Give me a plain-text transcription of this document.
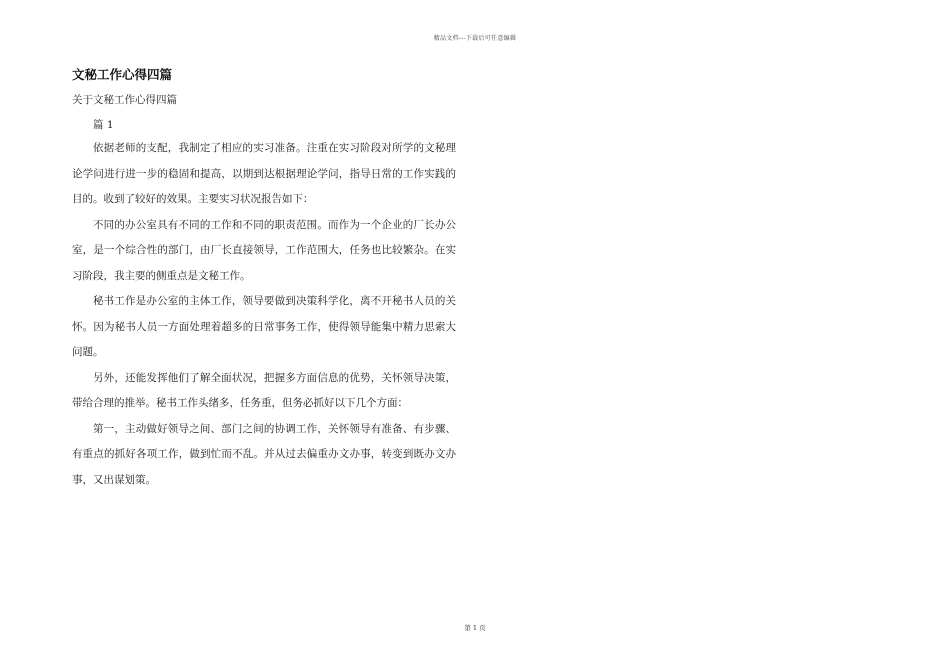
精品文档---下载后可任意编辑
文秘工作心得四篇

关于文秘工作心得四篇

篇 1

依据老师的支配，我制定了相应的实习准备。注重在实习阶段对所学的文秘理论学问进行进一步的稳固和提高，以期到达根据理论学问，指导日常的工作实践的目的。收到了较好的效果。主要实习状况报告如下：

不同的办公室具有不同的工作和不同的职责范围。而作为一个企业的厂长办公室，是一个综合性的部门，由厂长直接领导，工作范围大，任务也比较繁杂。在实习阶段，我主要的侧重点是文秘工作。

秘书工作是办公室的主体工作，领导要做到决策科学化，离不开秘书人员的关怀。因为秘书人员一方面处理着超多的日常事务工作，使得领导能集中精力思索大问题。

另外，还能发挥他们了解全面状况，把握多方面信息的优势，关怀领导决策，带给合理的推举。秘书工作头绪多，任务重，但务必抓好以下几个方面：

第一，主动做好领导之间、部门之间的协调工作，关怀领导有准备、有步骤、有重点的抓好各项工作，做到忙而不乱。并从过去偏重办文办事，转变到既办文办事，又出谋划策。

第 1 页
